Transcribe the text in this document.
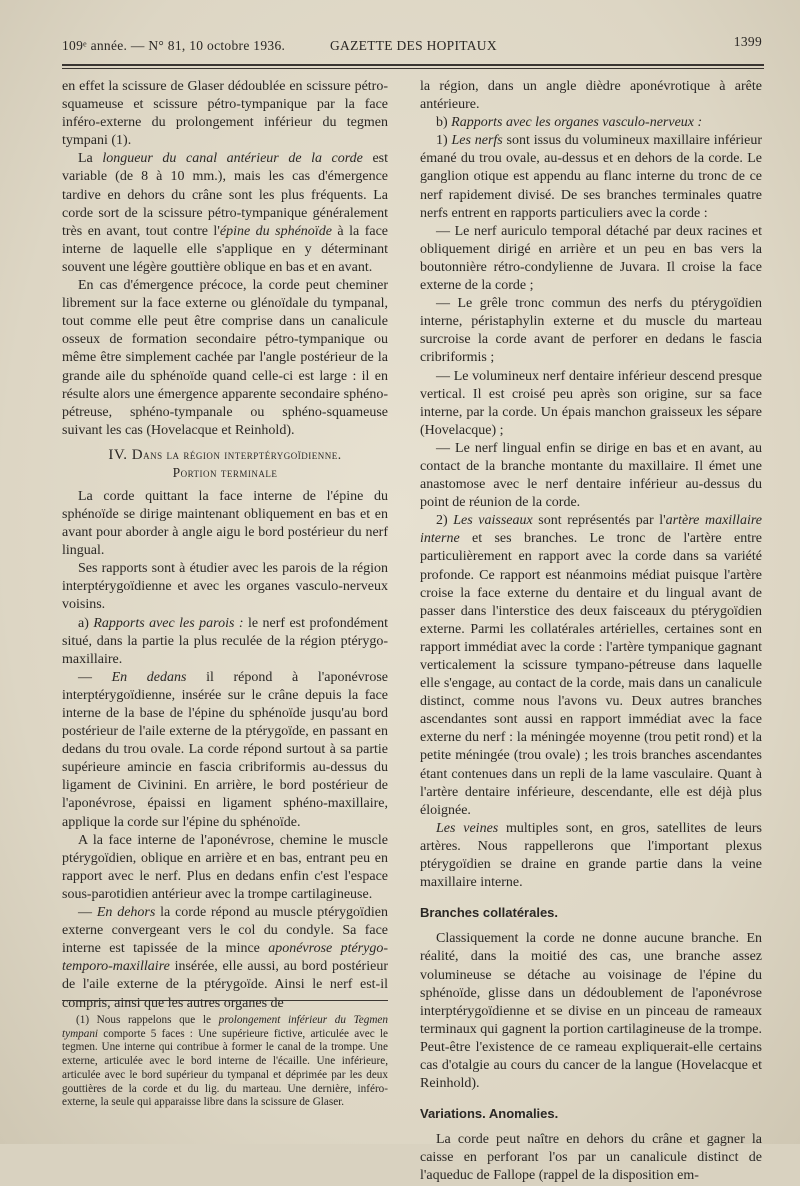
109ᵉ année. — N° 81, 10 octobre 1936.	GAZETTE DES HOPITAUX	1399

en effet la scissure de Glaser dédoublée en scissure pétro-squameuse et scissure pétro-tympanique par la face inféro-externe du prolongement inférieur du tegmen tympani (1).

La longueur du canal antérieur de la corde est variable (de 8 à 10 mm.), mais les cas d'émergence tardive en dehors du crâne sont les plus fréquents. La corde sort de la scissure pétro-tympanique généralement très en avant, tout contre l'épine du sphénoïde à la face interne de laquelle elle s'applique en y déterminant souvent une légère gouttière oblique en bas et en avant.

En cas d'émergence précoce, la corde peut cheminer librement sur la face externe ou glénoïdale du tympanal, tout comme elle peut être comprise dans un canalicule osseux de formation secondaire pétro-tympanique ou même être simplement cachée par l'angle postérieur de la grande aile du sphénoïde quand celle-ci est large : il en résulte alors une émergence apparente secondaire sphéno-pétreuse, sphéno-tympanale ou sphéno-squameuse suivant les cas (Hovelacque et Reinhold).

IV. Dans la région interptérygoïdienne.
Portion terminale

La corde quittant la face interne de l'épine du sphénoïde se dirige maintenant obliquement en bas et en avant pour aborder à angle aigu le bord postérieur du nerf lingual.

Ses rapports sont à étudier avec les parois de la région interptérygoïdienne et avec les organes vasculo-nerveux voisins.

a) Rapports avec les parois : le nerf est profondément situé, dans la partie la plus reculée de la région ptérygo-maxillaire.

— En dedans il répond à l'aponévrose interptérygoïdienne, insérée sur le crâne depuis la face interne de la base de l'épine du sphénoïde jusqu'au bord postérieur de l'aile externe de la ptérygoïde, en passant en dedans du trou ovale. La corde répond surtout à sa partie supérieure amincie en fascia cribriformis au-dessus du ligament de Civinini. En arrière, le bord postérieur de l'aponévrose, épaissi en ligament sphéno-maxillaire, applique la corde sur l'épine du sphénoïde.

A la face interne de l'aponévrose, chemine le muscle ptérygoïdien, oblique en arrière et en bas, entrant peu en rapport avec le nerf. Plus en dedans enfin c'est l'espace sous-parotidien antérieur avec la trompe cartilagineuse.

— En dehors la corde répond au muscle ptérygoïdien externe convergeant vers le col du condyle. Sa face interne est tapissée de la mince aponévrose ptérygo-temporo-maxillaire insérée, elle aussi, au bord postérieur de l'aile externe de la ptérygoïde. Ainsi le nerf est-il compris, ainsi que les autres organes de

(1) Nous rappelons que le prolongement inférieur du Tegmen tympani comporte 5 faces : Une supérieure fictive, articulée avec le tegmen. Une interne qui contribue à former le canal de la trompe. Une externe, articulée avec le bord interne de l'écaille. Une inférieure, articulée avec le bord supérieur du tympanal et déprimée par les deux gouttières de la corde et du lig. du marteau. Une dernière, inféro-externe, la seule qui apparaisse libre dans la scissure de Glaser.

la région, dans un angle dièdre aponévrotique à arête antérieure.

b) Rapports avec les organes vasculo-nerveux :

1) Les nerfs sont issus du volumineux maxillaire inférieur émané du trou ovale, au-dessus et en dehors de la corde. Le ganglion otique est appendu au flanc interne du tronc de ce nerf rapidement divisé. De ses branches terminales quatre nerfs entrent en rapports particuliers avec la corde :

— Le nerf auriculo temporal détaché par deux racines et obliquement dirigé en arrière et un peu en bas vers la boutonnière rétro-condylienne de Juvara. Il croise la face externe de la corde ;

— Le grêle tronc commun des nerfs du ptérygoïdien interne, péristaphylin externe et du muscle du marteau surcroise la corde avant de perforer en dedans le fascia cribriformis ;

— Le volumineux nerf dentaire inférieur descend presque vertical. Il est croisé peu après son origine, sur sa face interne, par la corde. Un épais manchon graisseux les sépare (Hovelacque) ;

— Le nerf lingual enfin se dirige en bas et en avant, au contact de la branche montante du maxillaire. Il émet une anastomose avec le nerf dentaire inférieur au-dessus du point de réunion de la corde.

2) Les vaisseaux sont représentés par l'artère maxillaire interne et ses branches. Le tronc de l'artère entre particulièrement en rapport avec la corde dans sa variété profonde. Ce rapport est néanmoins médiat puisque l'artère croise la face externe du dentaire et du lingual avant de passer dans l'interstice des deux faisceaux du ptérygoïdien externe. Parmi les collatérales artérielles, certaines sont en rapport immédiat avec la corde : l'artère tympanique gagnant verticalement la scissure tympano-pétreuse dans laquelle elle s'engage, au contact de la corde, mais dans un canalicule distinct, comme nous l'avons vu. Deux autres branches ascendantes sont aussi en rapport immédiat avec la face externe du nerf : la méningée moyenne (trou petit rond) et la petite méningée (trou ovale) ; les trois branches ascendantes étant contenues dans un repli de la lame vasculaire. Quant à l'artère dentaire inférieure, descendante, elle est déjà plus éloignée.

Les veines multiples sont, en gros, satellites de leurs artères. Nous rappellerons que l'important plexus ptérygoïdien se draine en grande partie dans la veine maxillaire interne.

Branches collatérales.

Classiquement la corde ne donne aucune branche. En réalité, dans la moitié des cas, une branche assez volumineuse se détache au voisinage de l'épine du sphénoïde, glisse dans un dédoublement de l'aponévrose interptérygoïdienne et se divise en un pinceau de rameaux terminaux qui gagnent la portion cartilagineuse de la trompe. Peut-être l'existence de ce rameau expliquerait-elle certains cas d'otalgie au cours du cancer de la langue (Hovelacque et Reinhold).

Variations. Anomalies.

La corde peut naître en dehors du crâne et gagner la caisse en perforant l'os par un canalicule distinct de l'aqueduc de Fallope (rappel de la disposition em-
